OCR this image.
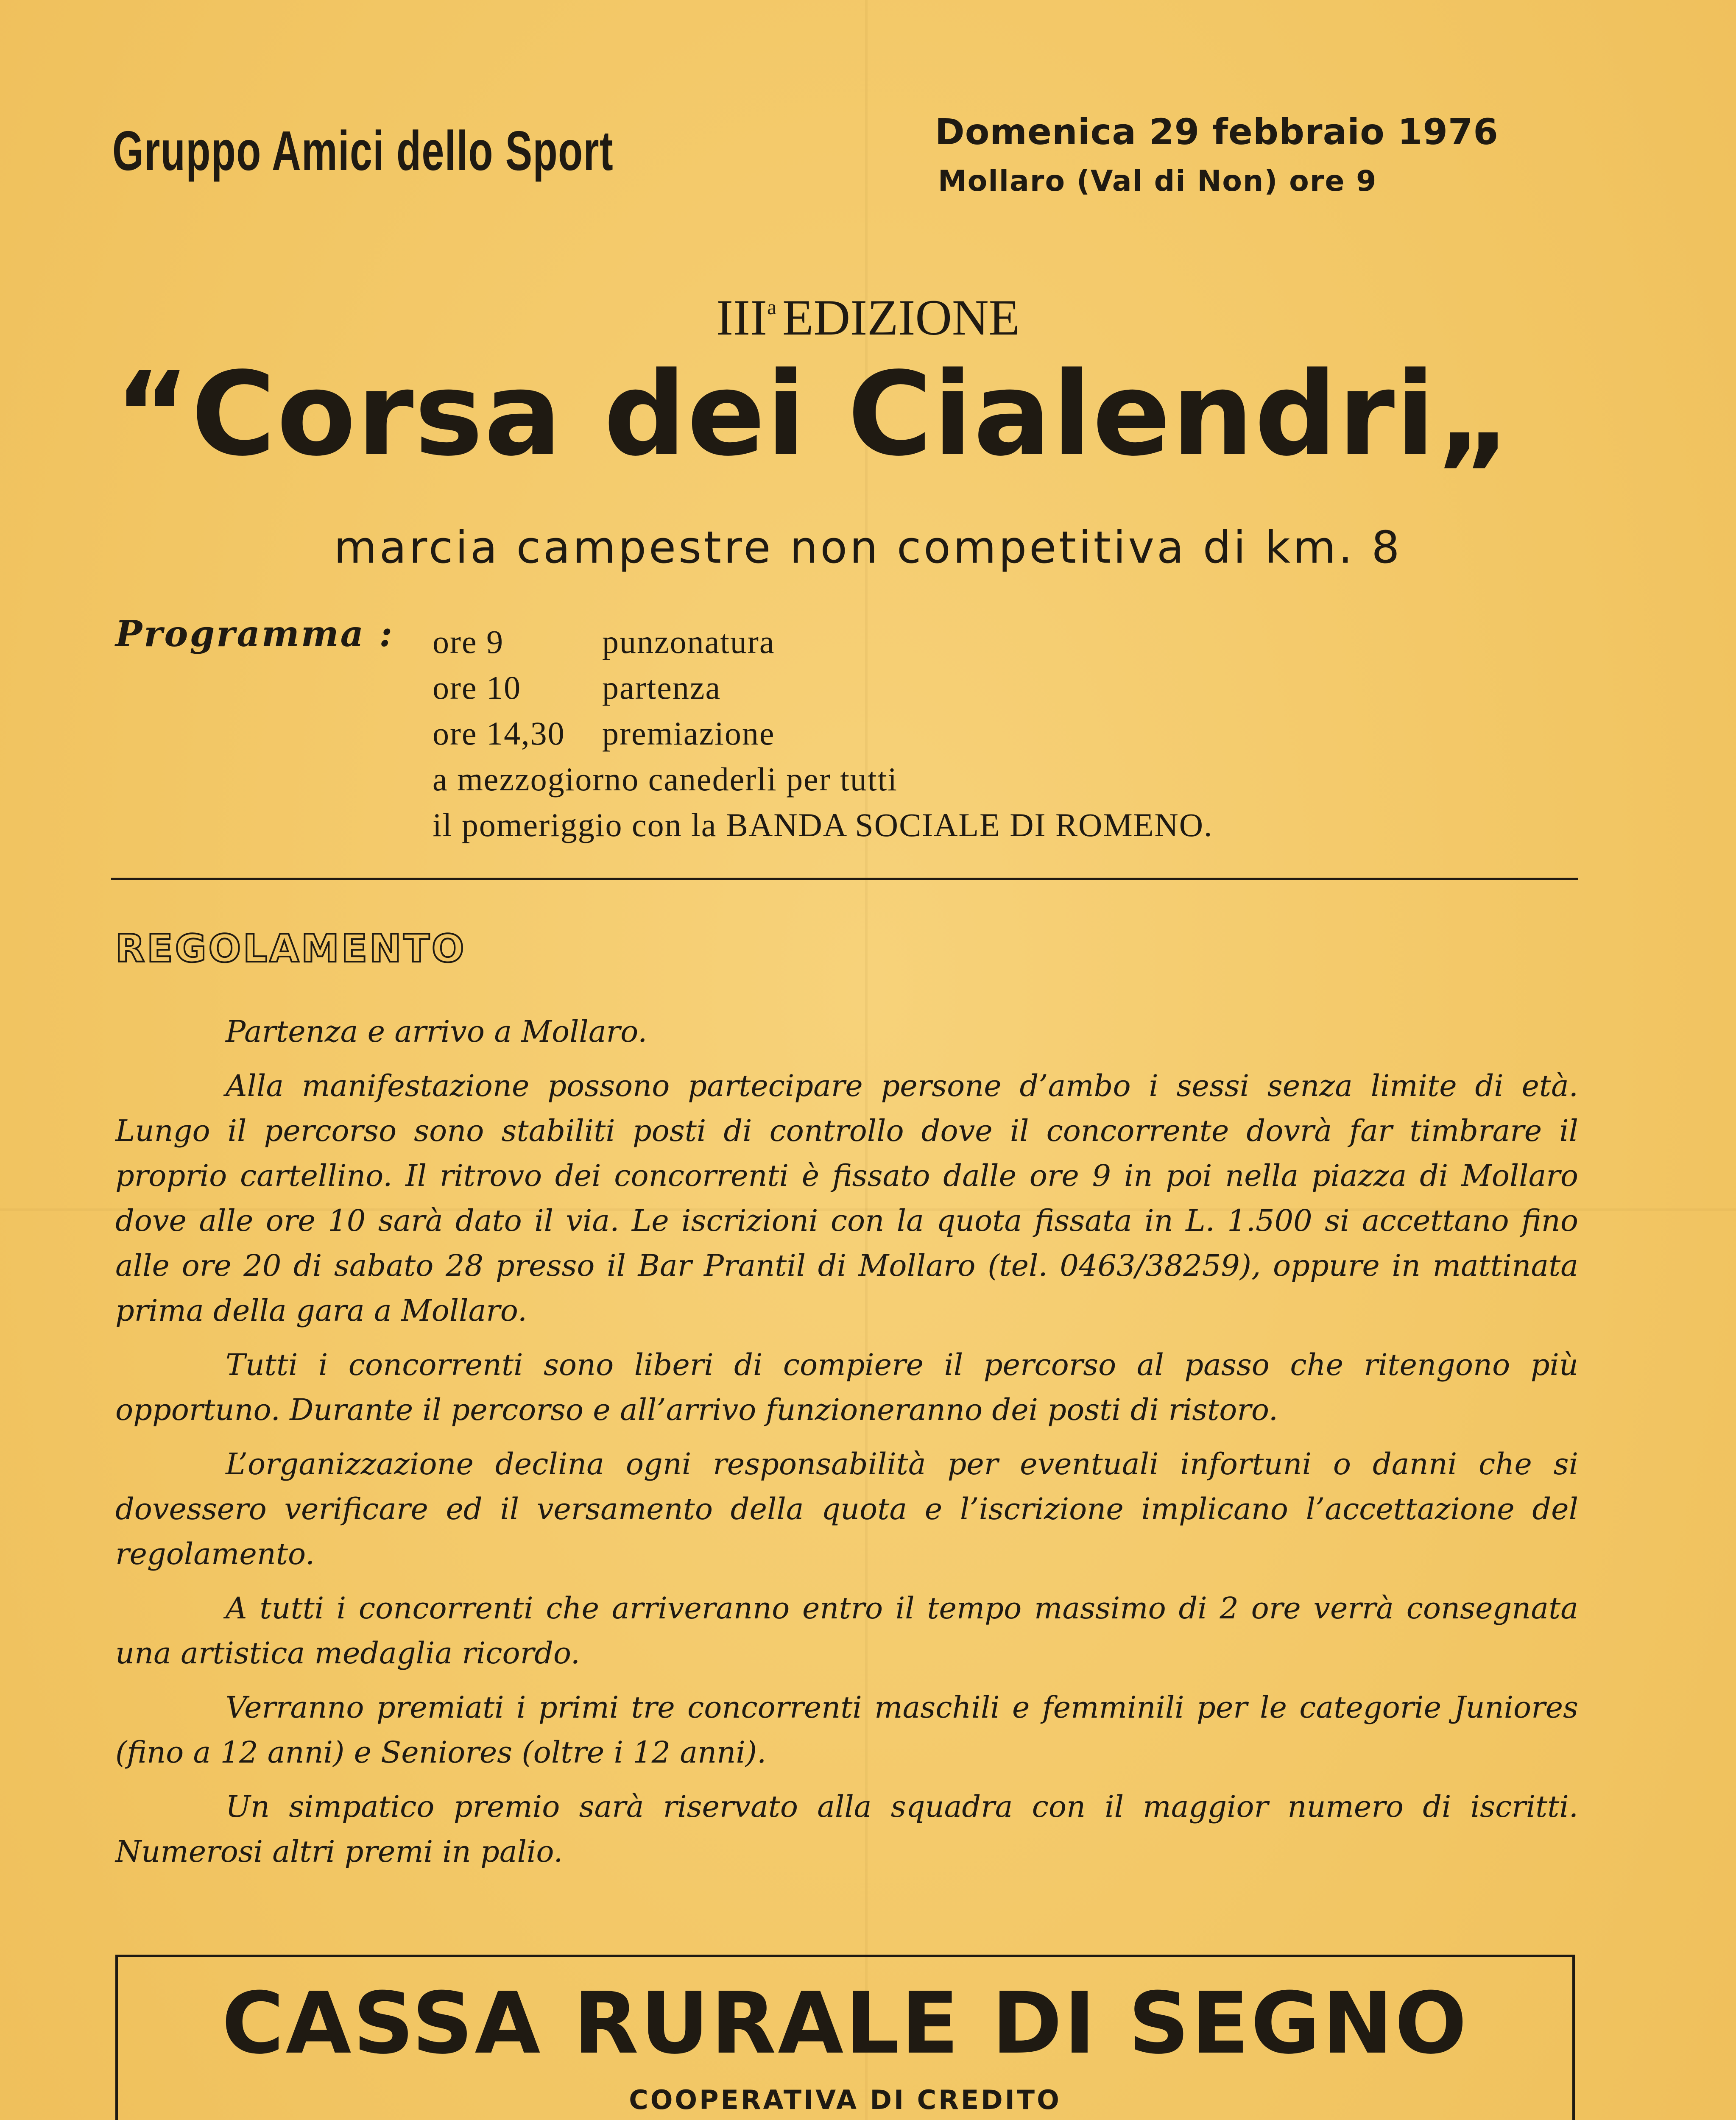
Gruppo Amici dello Sport	Domenica 29 febbraio 1976
Mollaro (Val di Non) ore 9
III$^a$ EDIZIONE
“Corsa dei Cialendri„
marcia campestre non competitiva di km. 8
Programma : ore 9	punzonatura
ore 10 partenza
ore 14,30 premiazione
a mezzogiorno canederli per tutti
il pomeriggio con la BANDA SOCIALE DI ROMENO.
REGOLAMENTO

Partenza e arrivo a Mollaro.

Alla manifestazione possono partecipare persone d’ambo i sessi senza limite di età. Lungo il percorso sono stabiliti posti di controllo dove il concorrente dovrà far timbrare il proprio cartellino. Il ritrovo dei concorrenti è fissato dalle ore 9 in poi nella piazza di Mollaro dove alle ore 10 sarà dato il via. Le iscrizioni con la quota fissata in L. 1.500 si accettano fino alle ore 20 di sabato 28 presso il Bar Prantil di Mollaro (tel. 0463/38259), oppure in mattinata prima della gara a Mollaro.

Tutti i concorrenti sono liberi di compiere il percorso al passo che ritengono più opportuno. Durante il percorso e all’arrivo funzioneranno dei posti di ristoro.

L’organizzazione declina ogni responsabilità per eventuali infortuni o danni che si dovessero verificare ed il versamento della quota e l’iscrizione implicano l’accettazione del regolamento.

A tutti i concorrenti che arriveranno entro il tempo massimo di 2 ore verrà consegnata una artistica medaglia ricordo.

Verranno premiati i primi tre concorrenti maschili e femminili per le categorie Juniores (fino a 12 anni) e Seniores (oltre i 12 anni).

Un simpatico premio sarà riservato alla squadra con il maggior numero di iscritti. Numerosi altri premi in palio.

CASSA RURALE DI SEGNO
COOPERATIVA DI CREDITO
